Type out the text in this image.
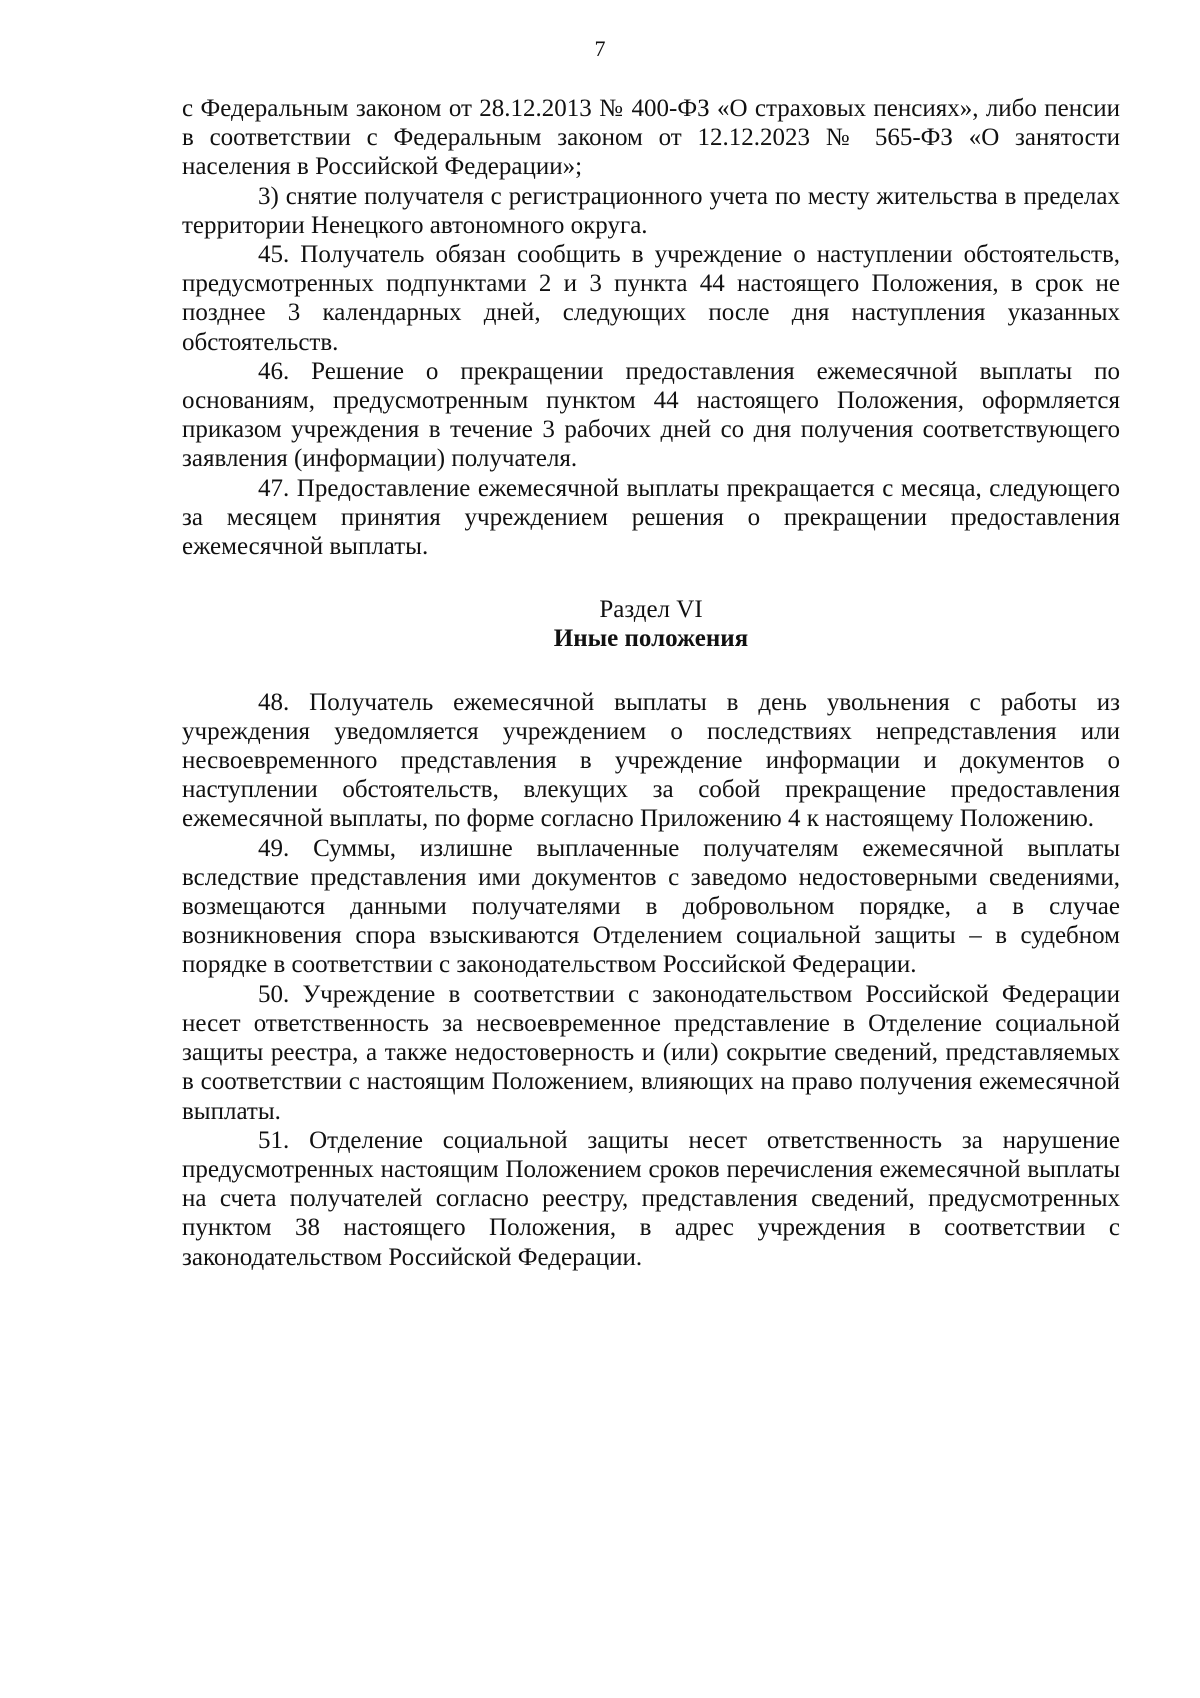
7

с Федеральным законом от 28.12.2013 № 400-ФЗ «О страховых пенсиях», либо пенсии в соответствии с Федеральным законом от 12.12.2023 № 565-ФЗ «О занятости населения в Российской Федерации»;

3) снятие получателя с регистрационного учета по месту жительства в пределах территории Ненецкого автономного округа.

45. Получатель обязан сообщить в учреждение о наступлении обстоятельств, предусмотренных подпунктами 2 и 3 пункта 44 настоящего Положения, в срок не позднее 3 календарных дней, следующих после дня наступления указанных обстоятельств.

46. Решение о прекращении предоставления ежемесячной выплаты по основаниям, предусмотренным пунктом 44 настоящего Положения, оформляется приказом учреждения в течение 3 рабочих дней со дня получения соответствующего заявления (информации) получателя.

47. Предоставление ежемесячной выплаты прекращается с месяца, следующего за месяцем принятия учреждением решения о прекращении предоставления ежемесячной выплаты.

Раздел VI
Иные положения

48. Получатель ежемесячной выплаты в день увольнения с работы из учреждения уведомляется учреждением о последствиях непредставления или несвоевременного представления в учреждение информации и документов о наступлении обстоятельств, влекущих за собой прекращение предоставления ежемесячной выплаты, по форме согласно Приложению 4 к настоящему Положению.

49. Суммы, излишне выплаченные получателям ежемесячной выплаты вследствие представления ими документов с заведомо недостоверными сведениями, возмещаются данными получателями в добровольном порядке, а в случае возникновения спора взыскиваются Отделением социальной защиты – в судебном порядке в соответствии с законодательством Российской Федерации.

50. Учреждение в соответствии с законодательством Российской Федерации несет ответственность за несвоевременное представление в Отделение социальной защиты реестра, а также недостоверность и (или) сокрытие сведений, представляемых в соответствии с настоящим Положением, влияющих на право получения ежемесячной выплаты.

51. Отделение социальной защиты несет ответственность за нарушение предусмотренных настоящим Положением сроков перечисления ежемесячной выплаты на счета получателей согласно реестру, представления сведений, предусмотренных пунктом 38 настоящего Положения, в адрес учреждения в соответствии с законодательством Российской Федерации.
